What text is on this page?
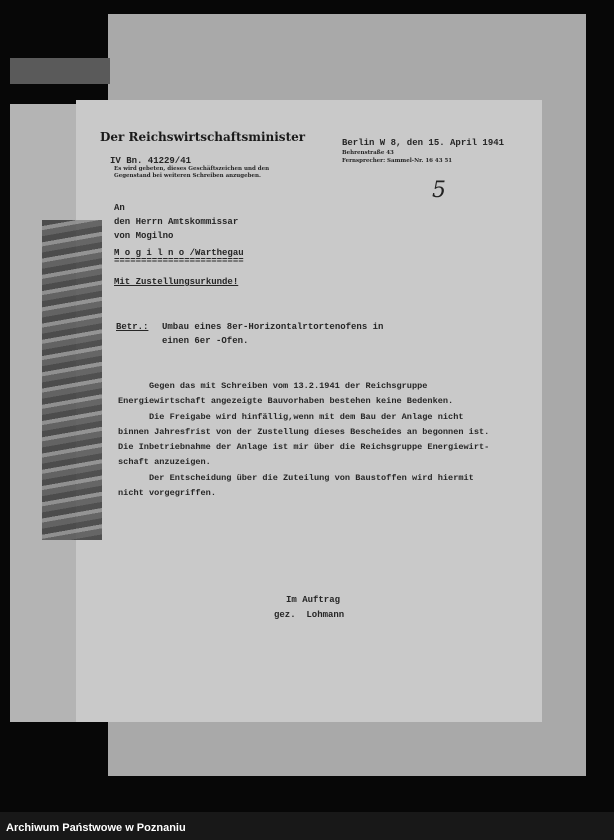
Der Reichswirtschaftsminister
IV Bn. 41229/41
Es wird gebeten, dieses Geschäftszeichen und den
Gegenstand bei weiteren Schreiben anzugeben.
Berlin W 8, den 15. April 1941
Behrenstraße 43
Fernsprecher: Sammel-Nr. 16 43 51
5
An
den Herrn Amtskommissar
von Mogilno
M o g i l n o /Warthegau
========================
Mit Zustellungsurkunde!
Betr.: Umbau eines 8er-Horizontalrtortenofens in
einen 6er -Ofen.
Gegen das mit Schreiben vom 13.2.1941 der Reichsgruppe
Energiewirtschaft angezeigte Bauvorhaben bestehen keine Bedenken.
Die Freigabe wird hinfällig,wenn mit dem Bau der Anlage nicht
binnen Jahresfrist von der Zustellung dieses Bescheides an begonnen ist.
Die Inbetriebnahme der Anlage ist mir über die Reichsgruppe Energiewirt-
schaft anzuzeigen.
Der Entscheidung über die Zuteilung von Baustoffen wird hiermit
nicht vorgegriffen.
Im Auftrag
gez.  Lohmann
Archiwum Państwowe w Poznaniu
